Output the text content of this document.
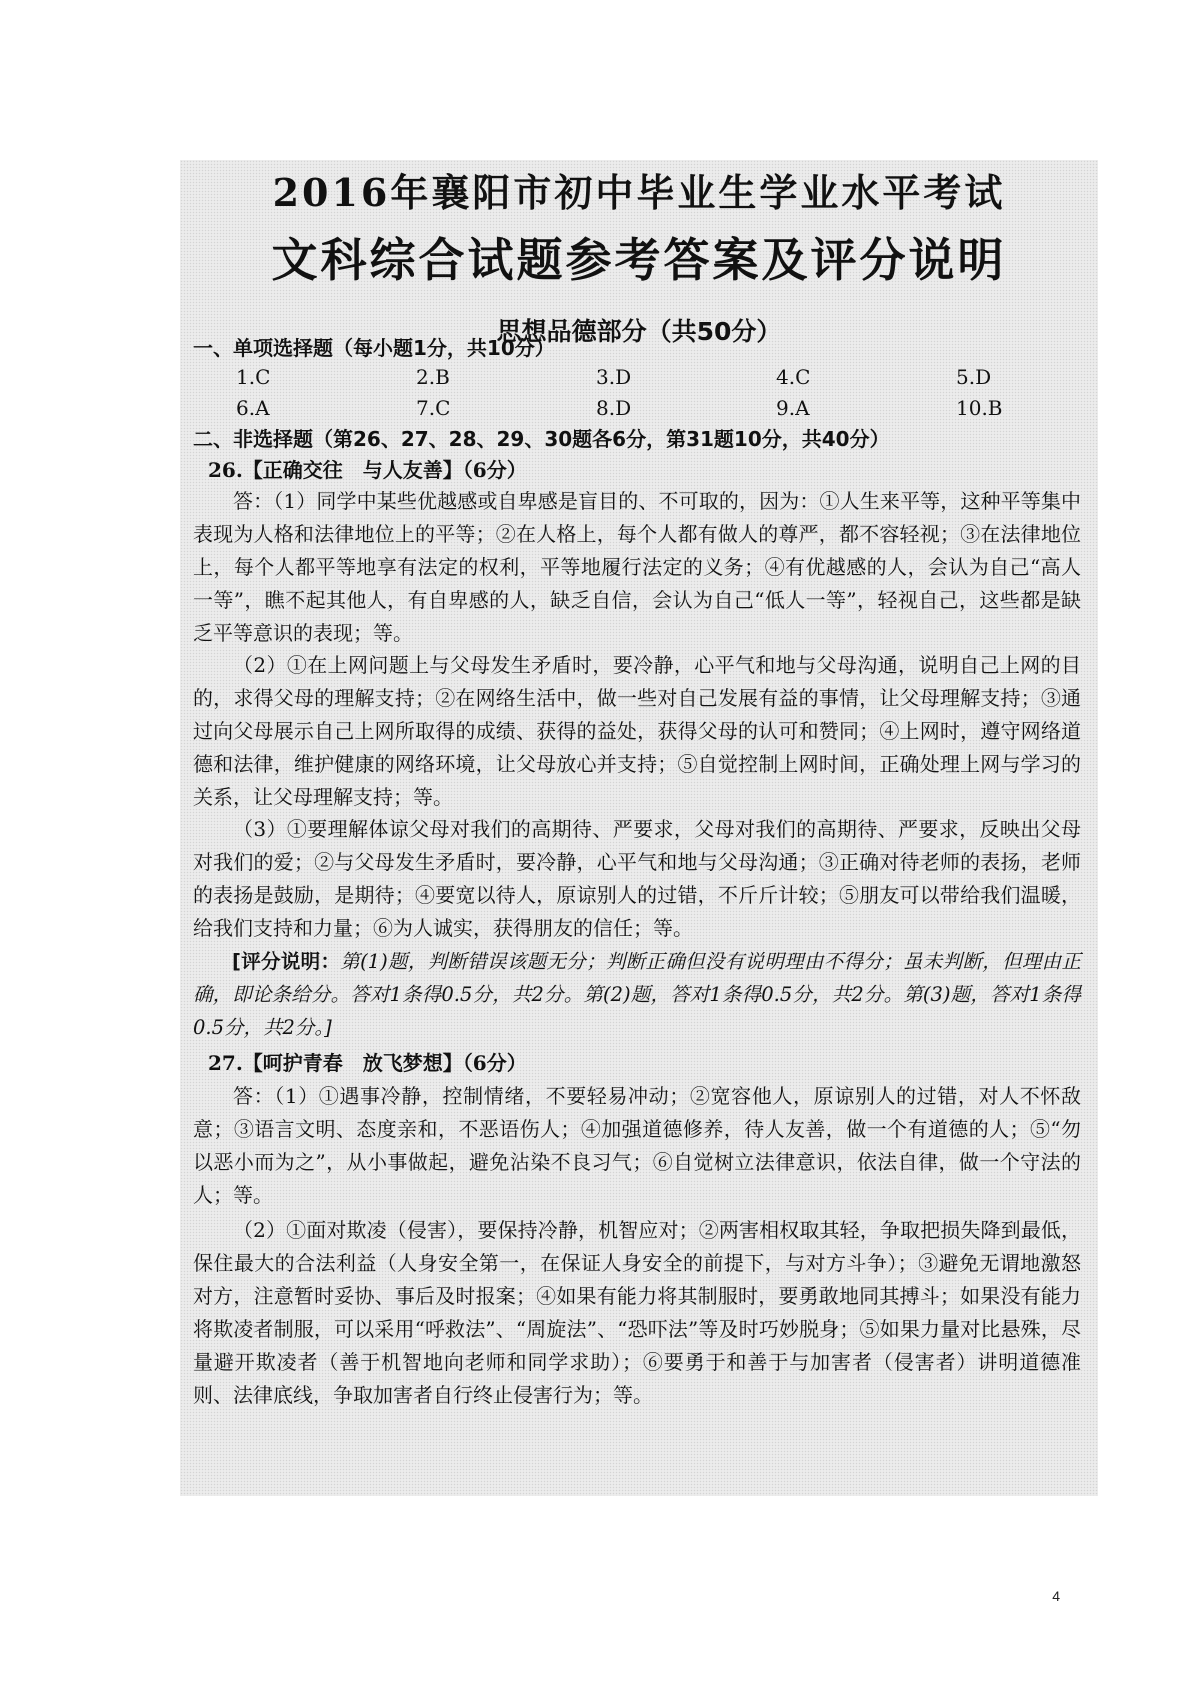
2016年襄阳市初中毕业生学业水平考试
文科综合试题参考答案及评分说明
思想品德部分（共50分）
一、单项选择题（每小题1分，共10分）
1.C	2.B	3.D	4.C	5.D
6.A	7.C	8.D	9.A	10.B
二、非选择题（第26、27、28、29、30题各6分，第31题10分，共40分）
26.【正确交往　与人友善】（6分）
答：（1）同学中某些优越感或自卑感是盲目的、不可取的，因为：①人生来平等，这种平等集中表现为人格和法律地位上的平等；②在人格上，每个人都有做人的尊严，都不容轻视；③在法律地位上，每个人都平等地享有法定的权利，平等地履行法定的义务；④有优越感的人，会认为自己“高人一等”，瞧不起其他人，有自卑感的人，缺乏自信，会认为自己“低人一等”，轻视自己，这些都是缺乏平等意识的表现；等。
（2）①在上网问题上与父母发生矛盾时，要冷静，心平气和地与父母沟通，说明自己上网的目的，求得父母的理解支持；②在网络生活中，做一些对自己发展有益的事情，让父母理解支持；③通过向父母展示自己上网所取得的成绩、获得的益处，获得父母的认可和赞同；④上网时，遵守网络道德和法律，维护健康的网络环境，让父母放心并支持；⑤自觉控制上网时间，正确处理上网与学习的关系，让父母理解支持；等。
（3）①要理解体谅父母对我们的高期待、严要求，父母对我们的高期待、严要求，反映出父母对我们的爱；②与父母发生矛盾时，要冷静，心平气和地与父母沟通；③正确对待老师的表扬，老师的表扬是鼓励，是期待；④要宽以待人，原谅别人的过错，不斤斤计较；⑤朋友可以带给我们温暖，给我们支持和力量；⑥为人诚实，获得朋友的信任；等。
[评分说明：第(1)题，判断错误该题无分；判断正确但没有说明理由不得分；虽未判断，但理由正确，即论条给分。答对1条得0.5分，共2分。第(2)题，答对1条得0.5分，共2分。第(3)题，答对1条得0.5分，共2分。]
27.【呵护青春　放飞梦想】（6分）
答：（1）①遇事冷静，控制情绪，不要轻易冲动；②宽容他人，原谅别人的过错，对人不怀敌意；③语言文明、态度亲和，不恶语伤人；④加强道德修养，待人友善，做一个有道德的人；⑤“勿以恶小而为之”，从小事做起，避免沾染不良习气；⑥自觉树立法律意识，依法自律，做一个守法的人；等。
（2）①面对欺凌（侵害），要保持冷静，机智应对；②两害相权取其轻，争取把损失降到最低，保住最大的合法利益（人身安全第一，在保证人身安全的前提下，与对方斗争）；③避免无谓地激怒对方，注意暂时妥协、事后及时报案；④如果有能力将其制服时，要勇敢地同其搏斗；如果没有能力将欺凌者制服，可以采用“呼救法”、“周旋法”、“恐吓法”等及时巧妙脱身；⑤如果力量对比悬殊，尽量避开欺凌者（善于机智地向老师和同学求助）；⑥要勇于和善于与加害者（侵害者）讲明道德准则、法律底线，争取加害者自行终止侵害行为；等。
4
